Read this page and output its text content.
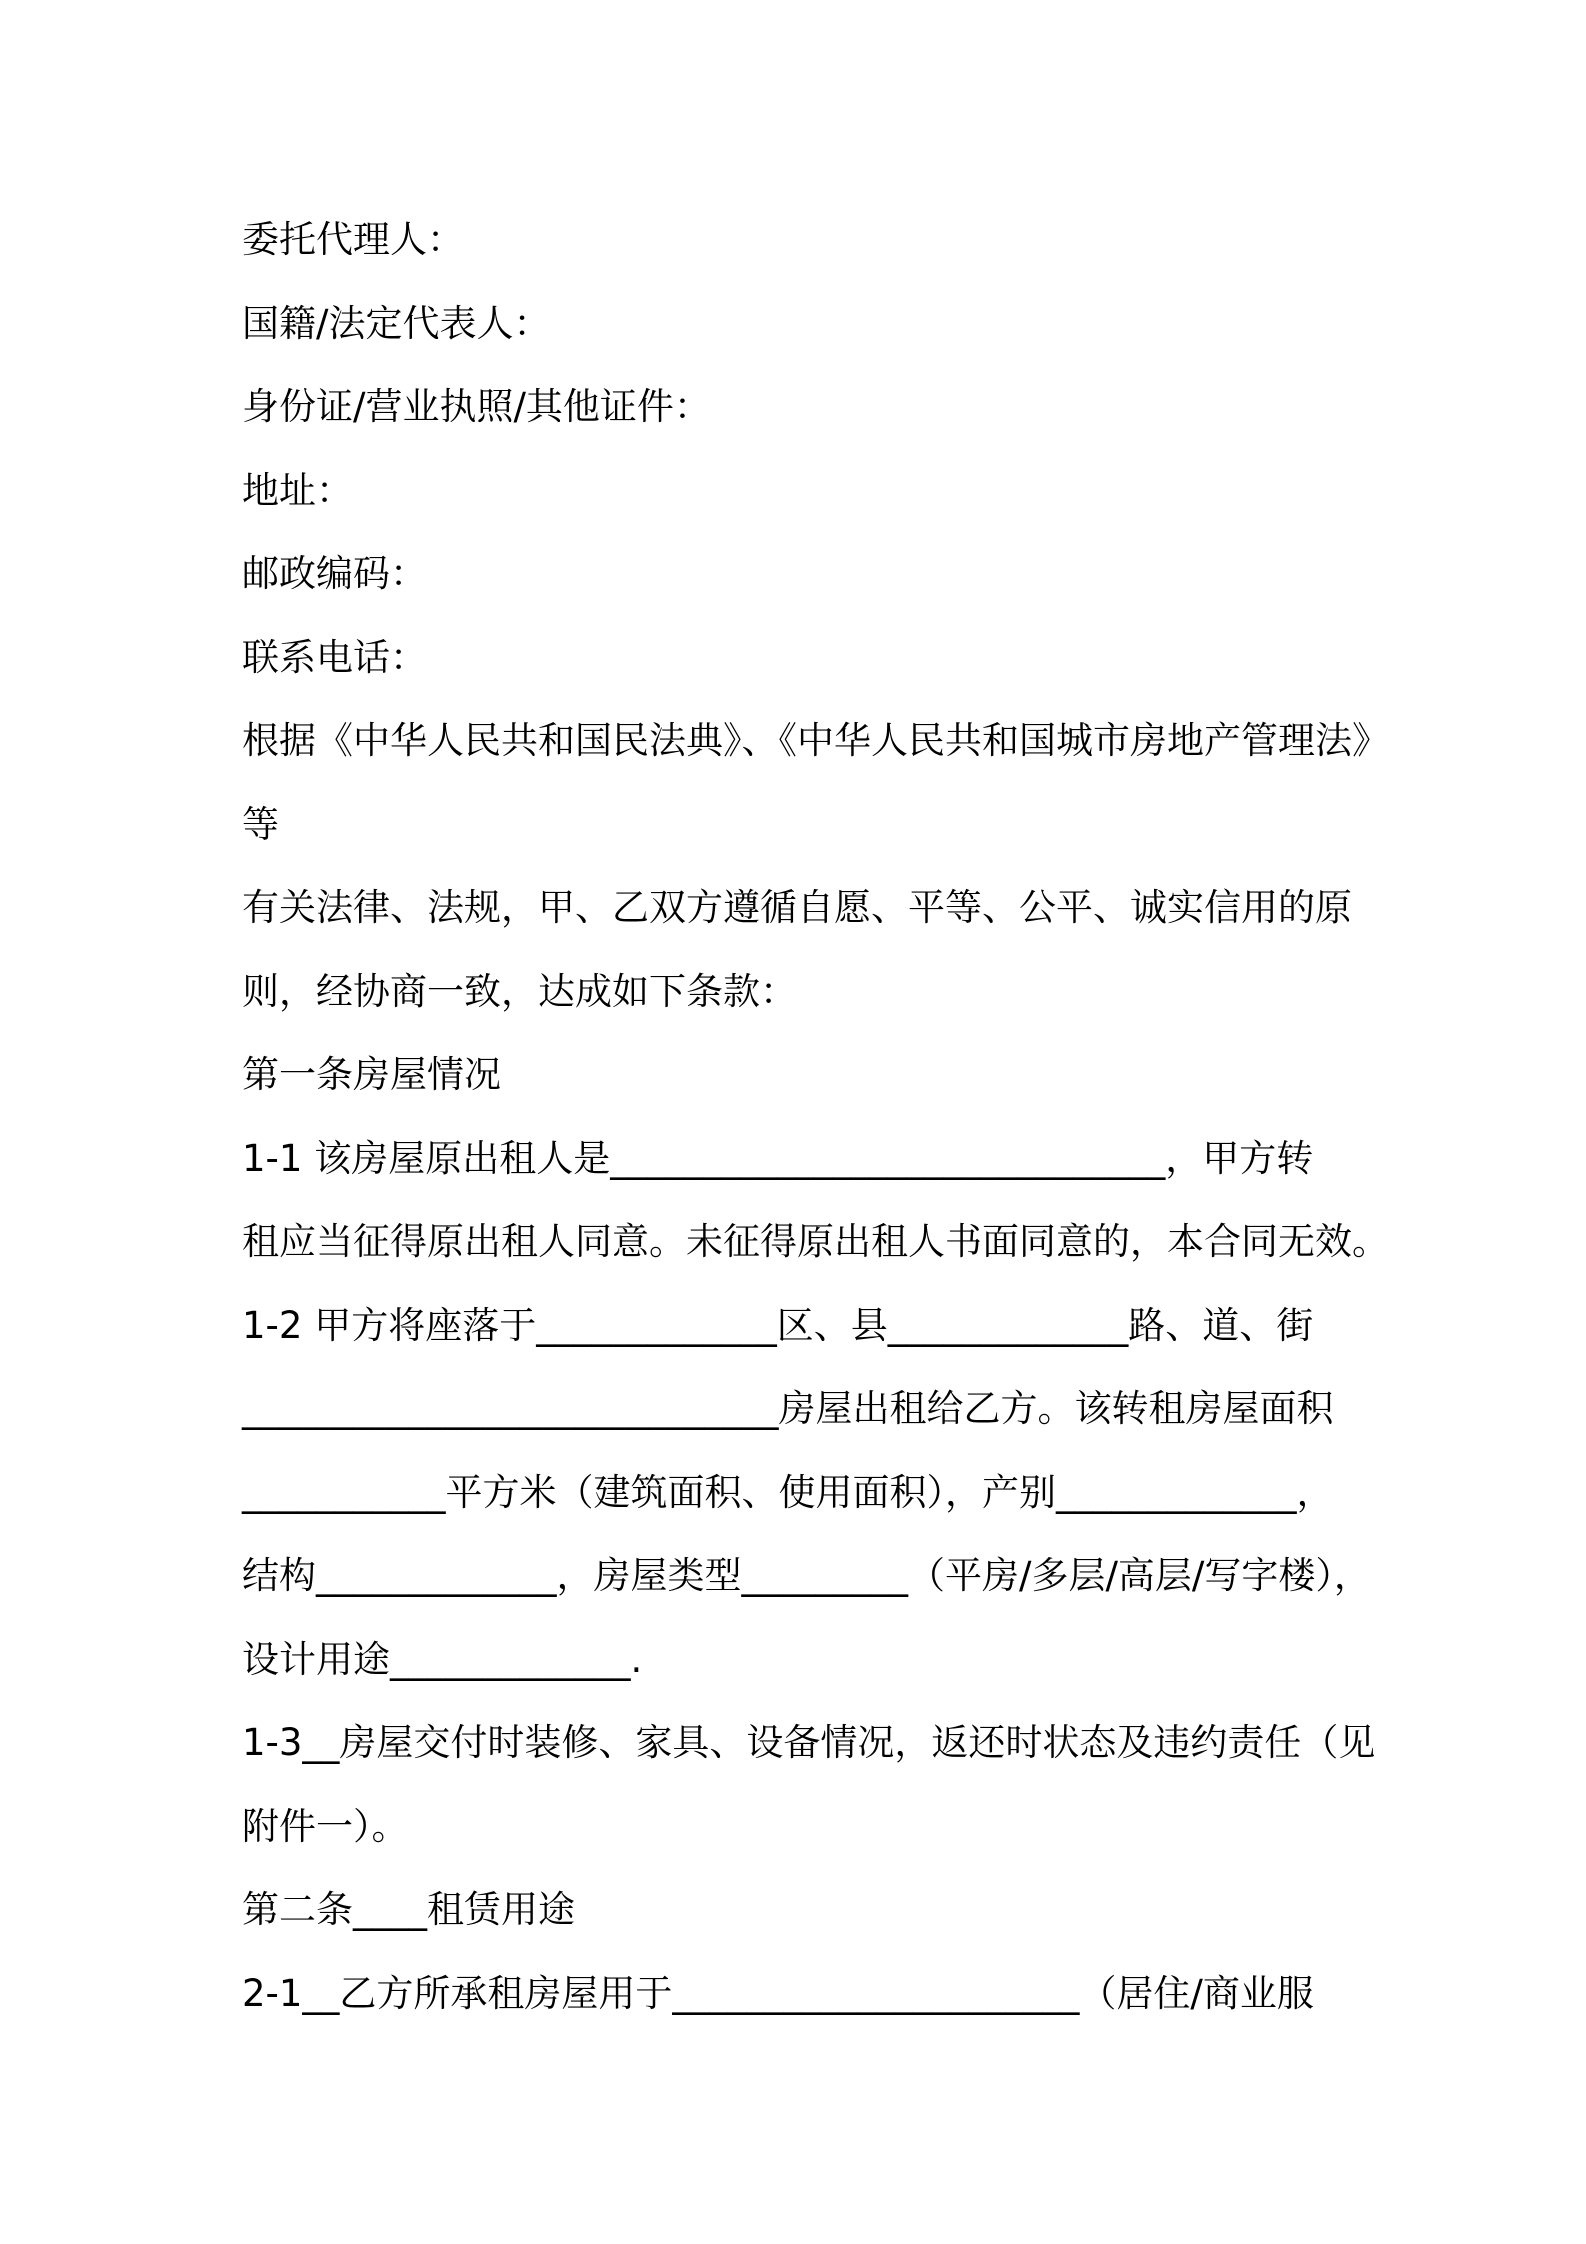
委托代理人：
国籍/法定代表人：
身份证/营业执照/其他证件：
地址：
邮政编码：
联系电话：
根据《中华人民共和国民法典》、《中华人民共和国城市房地产管理法》
等
有关法律、法规，甲、乙双方遵循自愿、平等、公平、诚实信用的原
则，经协商一致，达成如下条款：
第一条房屋情况
1-1 该房屋原出租人是______________________________，甲方转
租应当征得原出租人同意。未征得原出租人书面同意的，本合同无效。
1-2 甲方将座落于_____________区、县_____________路、道、街
_____________________________房屋出租给乙方。该转租房屋面积
___________平方米（建筑面积、使用面积），产别_____________，
结构_____________，房屋类型_________（平房/多层/高层/写字楼），
设计用途_____________.
1-3__房屋交付时装修、家具、设备情况，返还时状态及违约责任（见
附件一）。
第二条____租赁用途
2-1__乙方所承租房屋用于______________________（居住/商业服
